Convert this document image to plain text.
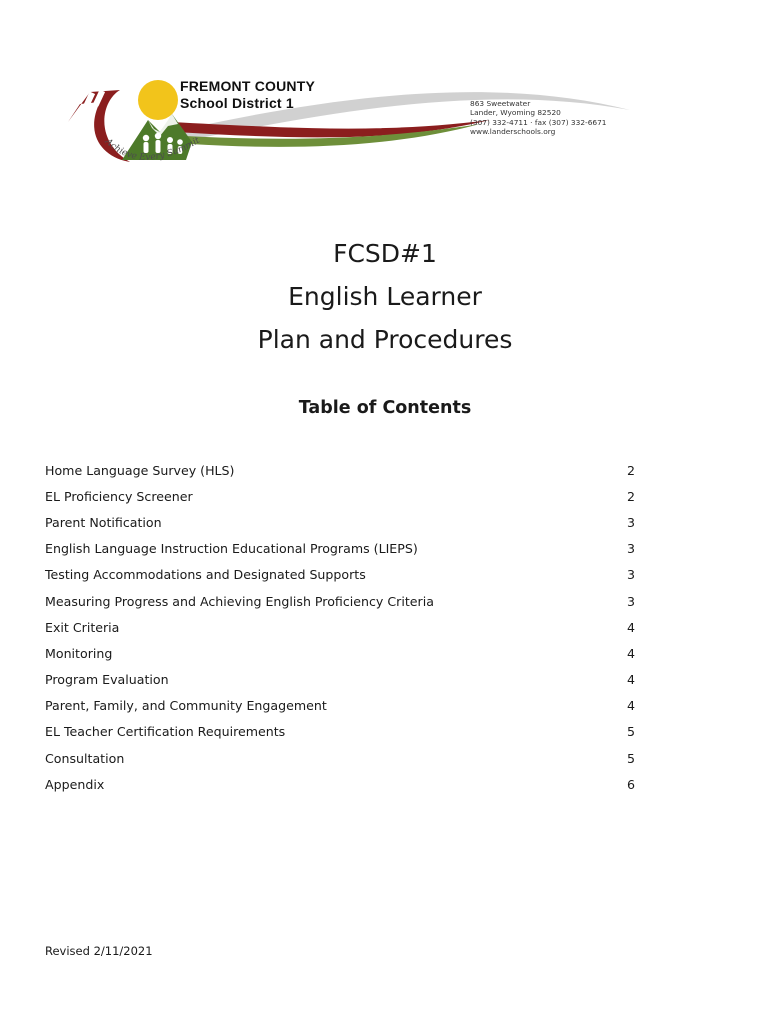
FREMONT COUNTY
School District 1	863 Sweetwater
Lander, Wyoming 82520
(307) 332-4711 · fax (307) 332-6671
www.landerschools.org
Achieve Every Summit
FCSD#1
English Learner
Plan and Procedures
Table of Contents
Home Language Survey (HLS)	2
EL Proficiency Screener	2
Parent Notification	3
English Language Instruction Educational Programs (LIEPS)	3
Testing Accommodations and Designated Supports	3
Measuring Progress and Achieving English Proficiency Criteria	3
Exit Criteria	4
Monitoring	4
Program Evaluation	4
Parent, Family, and Community Engagement	4
EL Teacher Certification Requirements	5
Consultation	5
Appendix	6
Revised 2/11/2021
